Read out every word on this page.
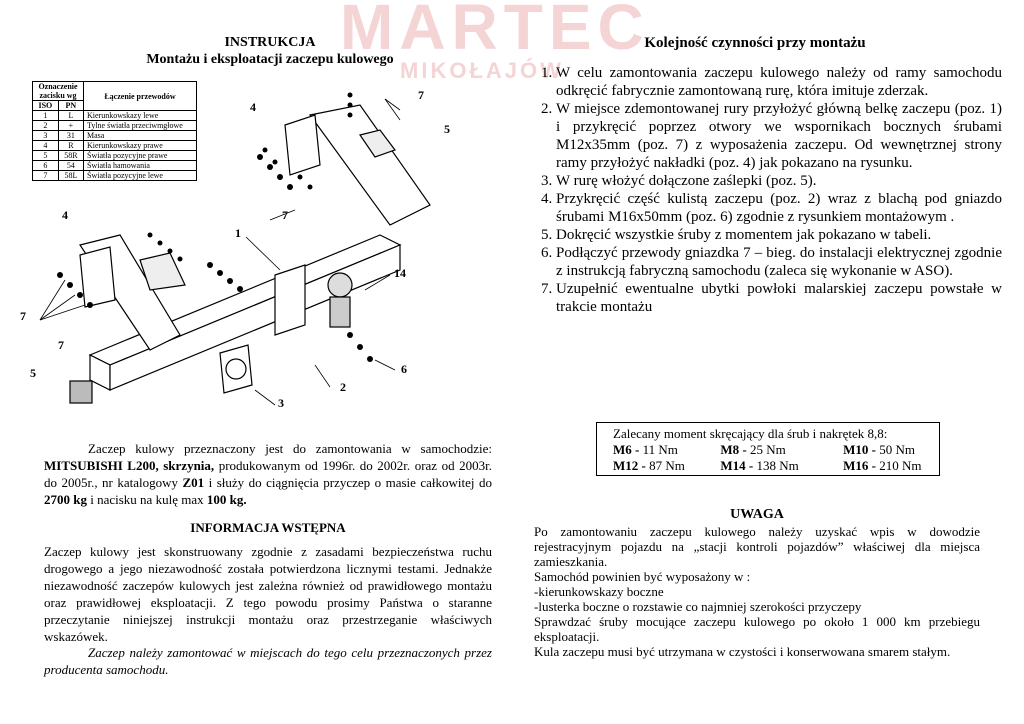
MARTEC
MIKOŁAJÓW
INSTRUKCJA
Montażu i eksploatacji zaczepu kulowego
Oznaczenie zacisku wg		Łączenie przewodów
ISO	PN	
1	L	Kierunkowskazy lewe
2	+	Tylne światła przeciwmgłowe
3	31	Masa
4	R	Kierunkowskazy prawe
5	58R	Światła pozycyjne prawe
6	54	Światła hamowania
7	58L	Światła pozycyjne lewe
4
7
5
7
4
1
7
7
14
6
5
2
3
Kolejność czynności przy montażu
1. W celu zamontowania zaczepu kulowego należy od ramy samochodu odkręcić fabrycznie zamontowaną rurę, która imituje zderzak.
2. W miejsce zdemontowanej rury przyłożyć główną belkę zaczepu (poz. 1) i przykręcić poprzez otwory we wspornikach bocznych śrubami M12x35mm (poz. 7) z wyposażenia zaczepu. Od wewnętrznej strony ramy przyłożyć nakładki (poz. 4) jak pokazano na rysunku.
3. W rurę włożyć dołączone zaślepki (poz. 5).
4. Przykręcić część kulistą zaczepu (poz. 2) wraz z blachą pod gniazdo śrubami M16x50mm (poz. 6) zgodnie z rysunkiem montażowym .
5. Dokręcić wszystkie śruby z momentem jak pokazano w tabeli.
6. Podłączyć przewody gniazdka 7 – bieg. do instalacji elektrycznej zgodnie z instrukcją fabryczną samochodu (zaleca się wykonanie w ASO).
7. Uzupełnić ewentualne ubytki powłoki malarskiej zaczepu powstałe w trakcie montażu
Zalecany moment skręcający dla śrub i nakrętek 8,8:
M6 - 11 Nm	M8 - 25 Nm	M10 - 50 Nm
M12 - 87 Nm	M14 - 138 Nm	M16 - 210 Nm
Zaczep kulowy przeznaczony jest do zamontowania w samochodzie: MITSUBISHI L200, skrzynia, produkowanym od 1996r. do 2002r. oraz od 2003r. do 2005r., nr katalogowy Z01 i służy do ciągnięcia przyczep o masie całkowitej do 2700 kg i nacisku na kulę max 100 kg.
INFORMACJA WSTĘPNA
Zaczep kulowy jest skonstruowany zgodnie z zasadami bezpieczeństwa ruchu drogowego a jego niezawodność została potwierdzona licznymi testami. Jednakże niezawodność zaczepów kulowych jest zależna również od prawidłowego montażu oraz prawidłowej eksploatacji. Z tego powodu prosimy Państwa o staranne przeczytanie niniejszej instrukcji montażu oraz przestrzeganie właściwych wskazówek.
Zaczep należy zamontować w miejscach do tego celu przeznaczonych przez producenta samochodu.
UWAGA

Po zamontowaniu zaczepu kulowego należy uzyskać wpis w dowodzie rejestracyjnym pojazdu na „stacji kontroli pojazdów” właściwej dla miejsca zamieszkania.

Samochód powinien być wyposażony w :

-kierunkowskazy boczne

-lusterka boczne o rozstawie co najmniej szerokości przyczepy

Sprawdzać śruby mocujące zaczepu kulowego po około 1 000 km przebiegu eksploatacji.

Kula zaczepu musi być utrzymana w czystości i konserwowana smarem stałym.
